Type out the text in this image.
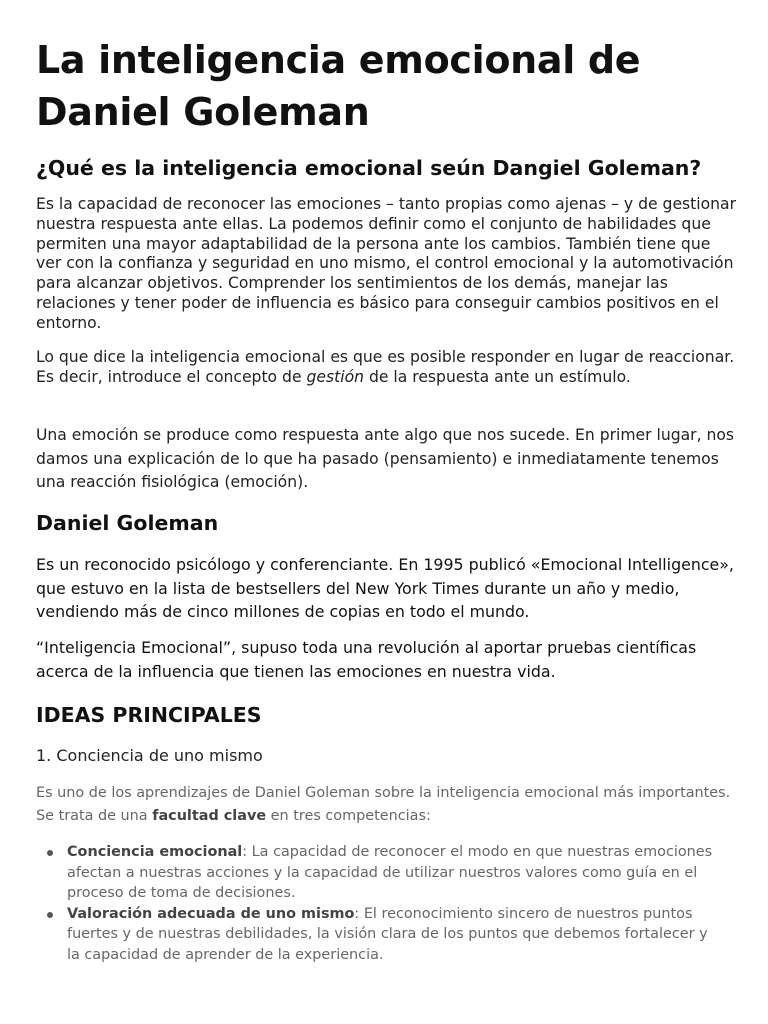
La inteligencia emocional de Daniel Goleman
¿Qué es la inteligencia emocional seún Dangiel Goleman?

Es la capacidad de reconocer las emociones – tanto propias como ajenas – y de gestionar nuestra respuesta ante ellas. La podemos definir como el conjunto de habilidades que permiten una mayor adaptabilidad de la persona ante los cambios. También tiene que ver con la confianza y seguridad en uno mismo, el control emocional y la automotivación para alcanzar objetivos. Comprender los sentimientos de los demás, manejar las relaciones y tener poder de influencia es básico para conseguir cambios positivos en el entorno.

Lo que dice la inteligencia emocional es que es posible responder en lugar de reaccionar. Es decir, introduce el concepto de gestión de la respuesta ante un estímulo.

Una emoción se produce como respuesta ante algo que nos sucede. En primer lugar, nos damos una explicación de lo que ha pasado (pensamiento) e inmediatamente tenemos una reacción fisiológica (emoción).

Daniel Goleman

Es un reconocido psicólogo y conferenciante. En 1995 publicó «Emocional Intelligence», que estuvo en la lista de bestsellers del New York Times durante un año y medio, vendiendo más de cinco millones de copias en todo el mundo.

“Inteligencia Emocional”, supuso toda una revolución al aportar pruebas científicas acerca de la influencia que tienen las emociones en nuestra vida.

IDEAS PRINCIPALES

1. Conciencia de uno mismo

Es uno de los aprendizajes de Daniel Goleman sobre la inteligencia emocional más importantes. Se trata de una facultad clave en tres competencias:

Conciencia emocional: La capacidad de reconocer el modo en que nuestras emociones afectan a nuestras acciones y la capacidad de utilizar nuestros valores como guía en el proceso de toma de decisiones.
Valoración adecuada de uno mismo: El reconocimiento sincero de nuestros puntos fuertes y de nuestras debilidades, la visión clara de los puntos que debemos fortalecer y la capacidad de aprender de la experiencia.
